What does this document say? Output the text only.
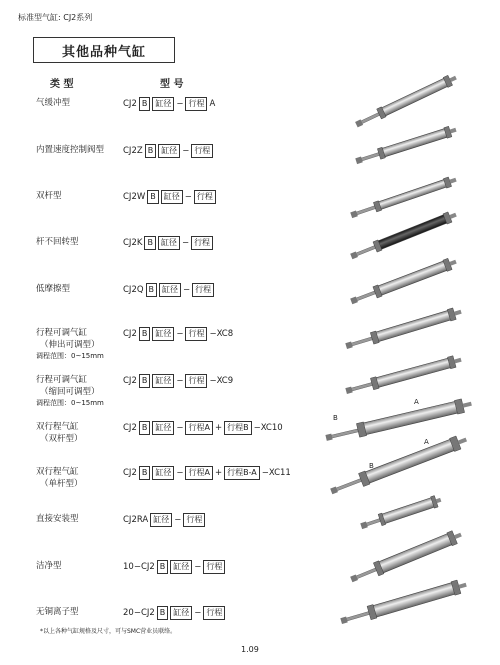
标准型气缸: CJ2系列
其他品种气缸
类 型	型 号
气缓冲型	CJ2 B	缸径 − 行程 A
内置速度控制阀型 CJ2Z B	缸径 − 行程
双杆型	CJ2W B	缸径 − 行程
杆不回转型	CJ2K B	缸径 − 行程
低摩擦型	CJ2Q B	缸径 − 行程
行程可调气缸
（伸出可调型）
调程范围：0~15mm
CJ2 B	缸径 − 行程 −XC8
行程可调气缸
（缩回可调型）
调程范围：0~15mm
CJ2 B	缸径 − 行程 −XC9
双行程气缸
（双杆型）
CJ2 B	缸径 − 行程A + 行程B −XC10
双行程气缸
（单杆型）
CJ2 B	缸径 − 行程A + 行程B-A −XC11
直接安装型	CJ2RA 缸径 − 行程
洁净型	10−CJ2 B	缸径 − 行程
无铜离子型	20−CJ2 B	缸径 − 行程
A
B
A
B
*以上各种气缸规格及尺寸，可与SMC营业员联络。
1.09
